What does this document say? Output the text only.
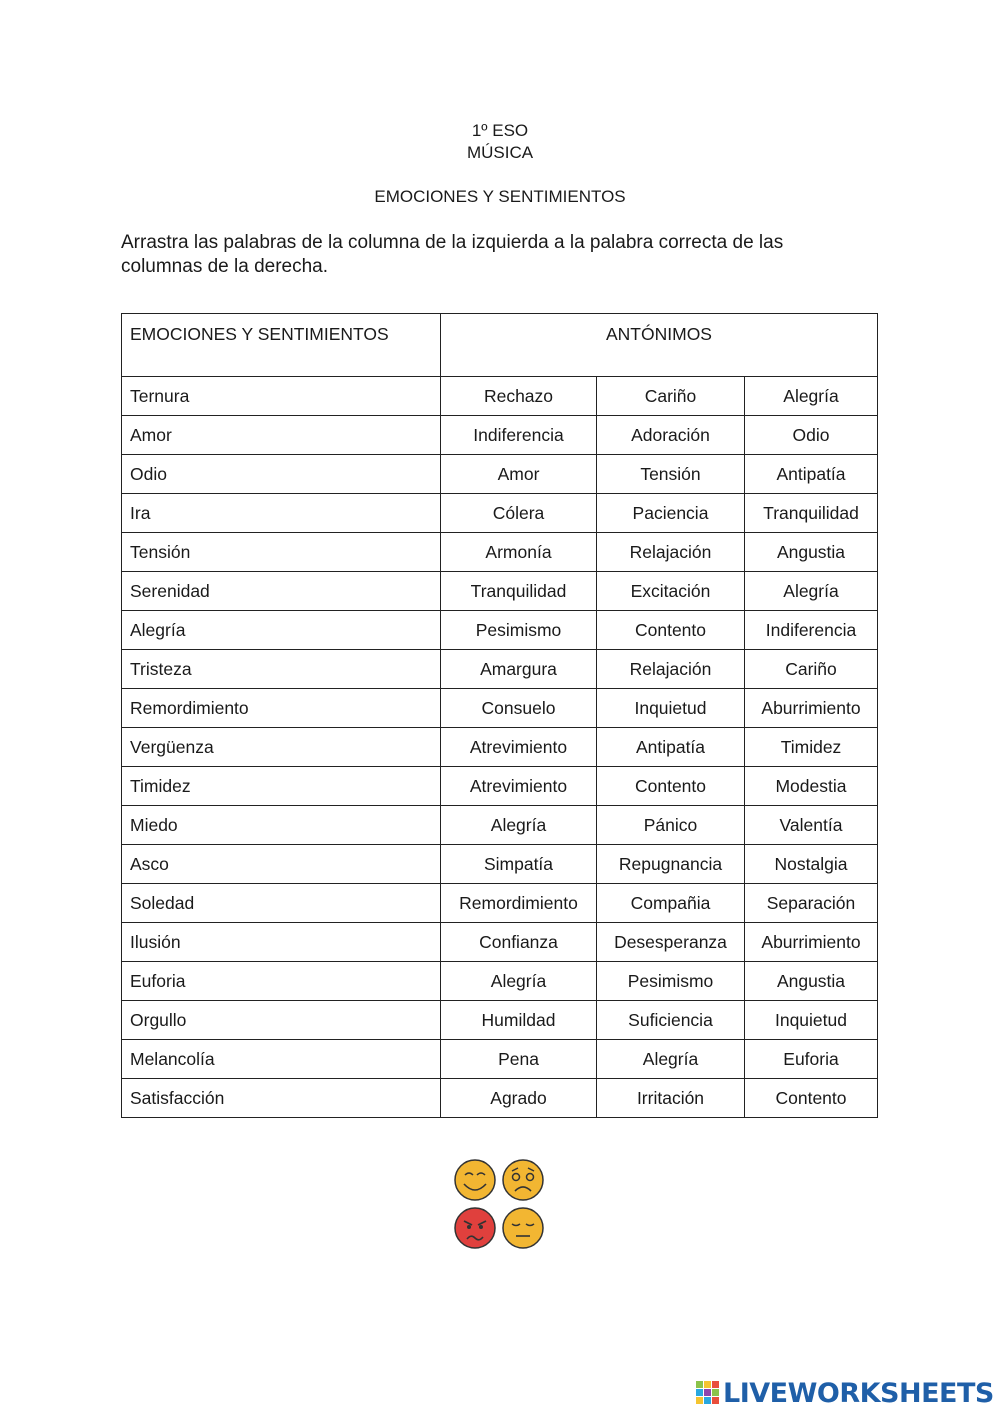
1º ESO
MÚSICA
EMOCIONES Y SENTIMIENTOS
Arrastra las palabras de la columna de la izquierda a la palabra correcta de las columnas de la derecha.
EMOCIONES Y SENTIMIENTOS	ANTÓNIMOS		
Ternura	Rechazo	Cariño	Alegría
Amor	Indiferencia	Adoración	Odio
Odio	Amor	Tensión	Antipatía
Ira	Cólera	Paciencia	Tranquilidad
Tensión	Armonía	Relajación	Angustia
Serenidad	Tranquilidad	Excitación	Alegría
Alegría	Pesimismo	Contento	Indiferencia
Tristeza	Amargura	Relajación	Cariño
Remordimiento	Consuelo	Inquietud	Aburrimiento
Vergüenza	Atrevimiento	Antipatía	Timidez
Timidez	Atrevimiento	Contento	Modestia
Miedo	Alegría	Pánico	Valentía
Asco	Simpatía	Repugnancia	Nostalgia
Soledad	Remordimiento	Compañia	Separación
Ilusión	Confianza	Desesperanza	Aburrimiento
Euforia	Alegría	Pesimismo	Angustia
Orgullo	Humildad	Suficiencia	Inquietud
Melancolía	Pena	Alegría	Euforia
Satisfacción	Agrado	Irritación	Contento
LIVEWORKSHEETS
